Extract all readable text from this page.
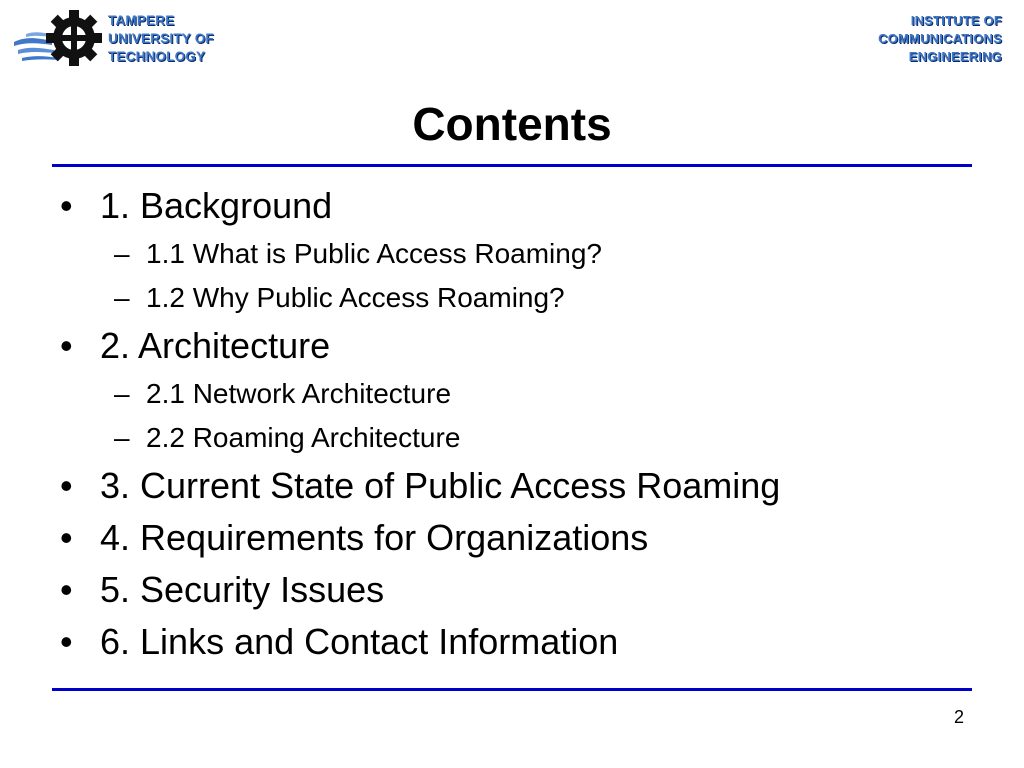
TAMPERE
UNIVERSITY OF
TECHNOLOGY
INSTITUTE OF
COMMUNICATIONS
ENGINEERING
Contents
• 1. Background
– 1.1 What is Public Access Roaming?
– 1.2 Why Public Access Roaming?
• 2. Architecture
– 2.1 Network Architecture
– 2.2 Roaming Architecture
• 3. Current State of Public Access Roaming
• 4. Requirements for Organizations
• 5. Security Issues
• 6. Links and Contact Information
2
